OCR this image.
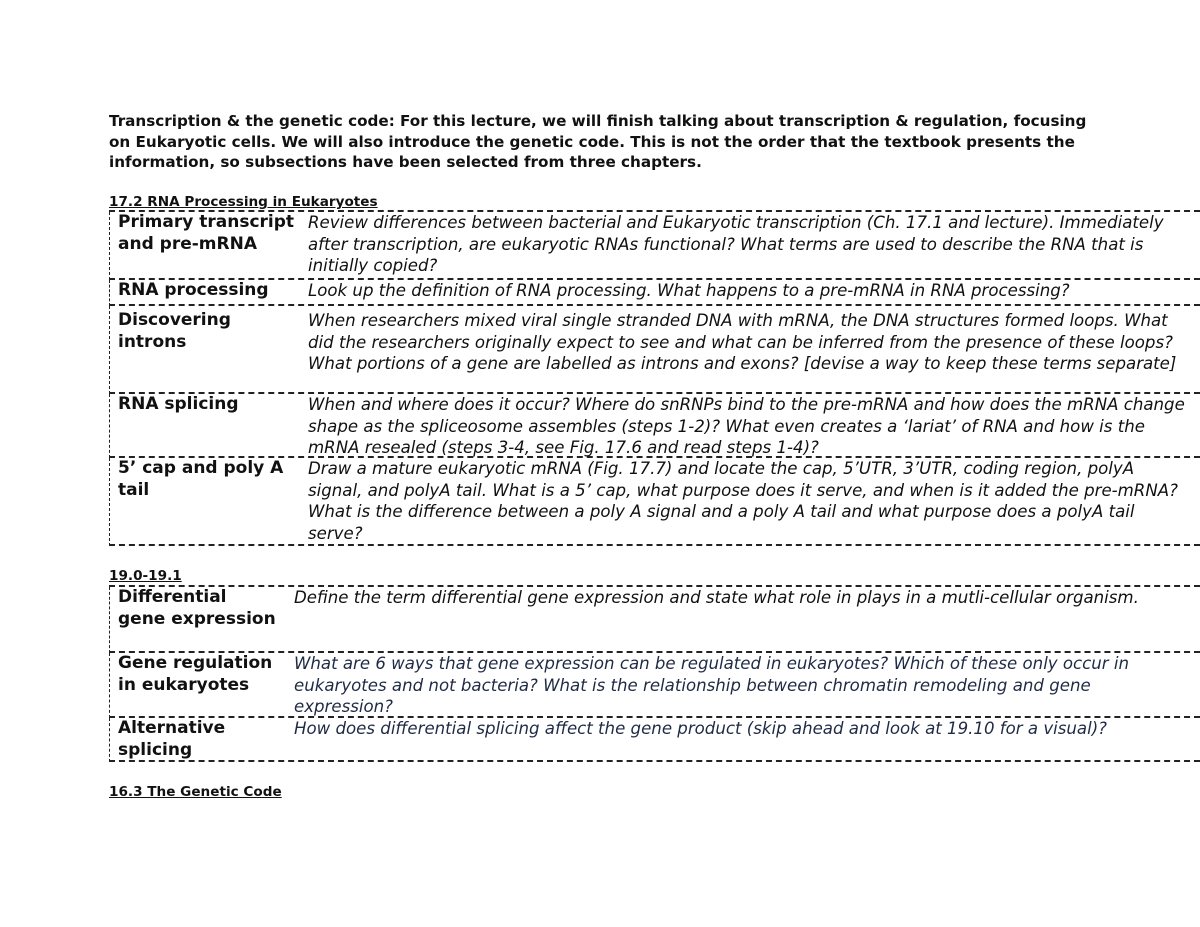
Transcription & the genetic code: For this lecture, we will finish talking about transcription & regulation, focusing on Eukaryotic cells. We will also introduce the genetic code. This is not the order that the textbook presents the information, so subsections have been selected from three chapters.
17.2 RNA Processing in Eukaryotes
Primary transcript and pre-mRNA
Review differences between bacterial and Eukaryotic transcription (Ch. 17.1 and lecture). Immediately after transcription, are eukaryotic RNAs functional? What terms are used to describe the RNA that is initially copied?
RNA processing	Look up the definition of RNA processing. What happens to a pre-mRNA in RNA processing?
Discovering introns
When researchers mixed viral single stranded DNA with mRNA, the DNA structures formed loops. What did the researchers originally expect to see and what can be inferred from the presence of these loops? What portions of a gene are labelled as introns and exons? [devise a way to keep these terms separate]
RNA splicing	When and where does it occur? Where do snRNPs bind to the pre-mRNA and how does the mRNA change shape as the spliceosome assembles (steps 1-2)? What even creates a ‘lariat’ of RNA and how is the mRNA resealed (steps 3-4, see Fig. 17.6 and read steps 1-4)?
5’ cap and poly A tail
Draw a mature eukaryotic mRNA (Fig. 17.7) and locate the cap, 5’UTR, 3’UTR, coding region, polyA signal, and polyA tail. What is a 5’ cap, what purpose does it serve, and when is it added the pre-mRNA? What is the difference between a poly A signal and a poly A tail and what purpose does a polyA tail serve?
19.0-19.1
Differential gene expression
Define the term differential gene expression and state what role in plays in a mutli-cellular organism.
Gene regulation in eukaryotes
What are 6 ways that gene expression can be regulated in eukaryotes? Which of these only occur in eukaryotes and not bacteria? What is the relationship between chromatin remodeling and gene expression?
Alternative splicing
How does differential splicing affect the gene product (skip ahead and look at 19.10 for a visual)?
16.3 The Genetic Code
